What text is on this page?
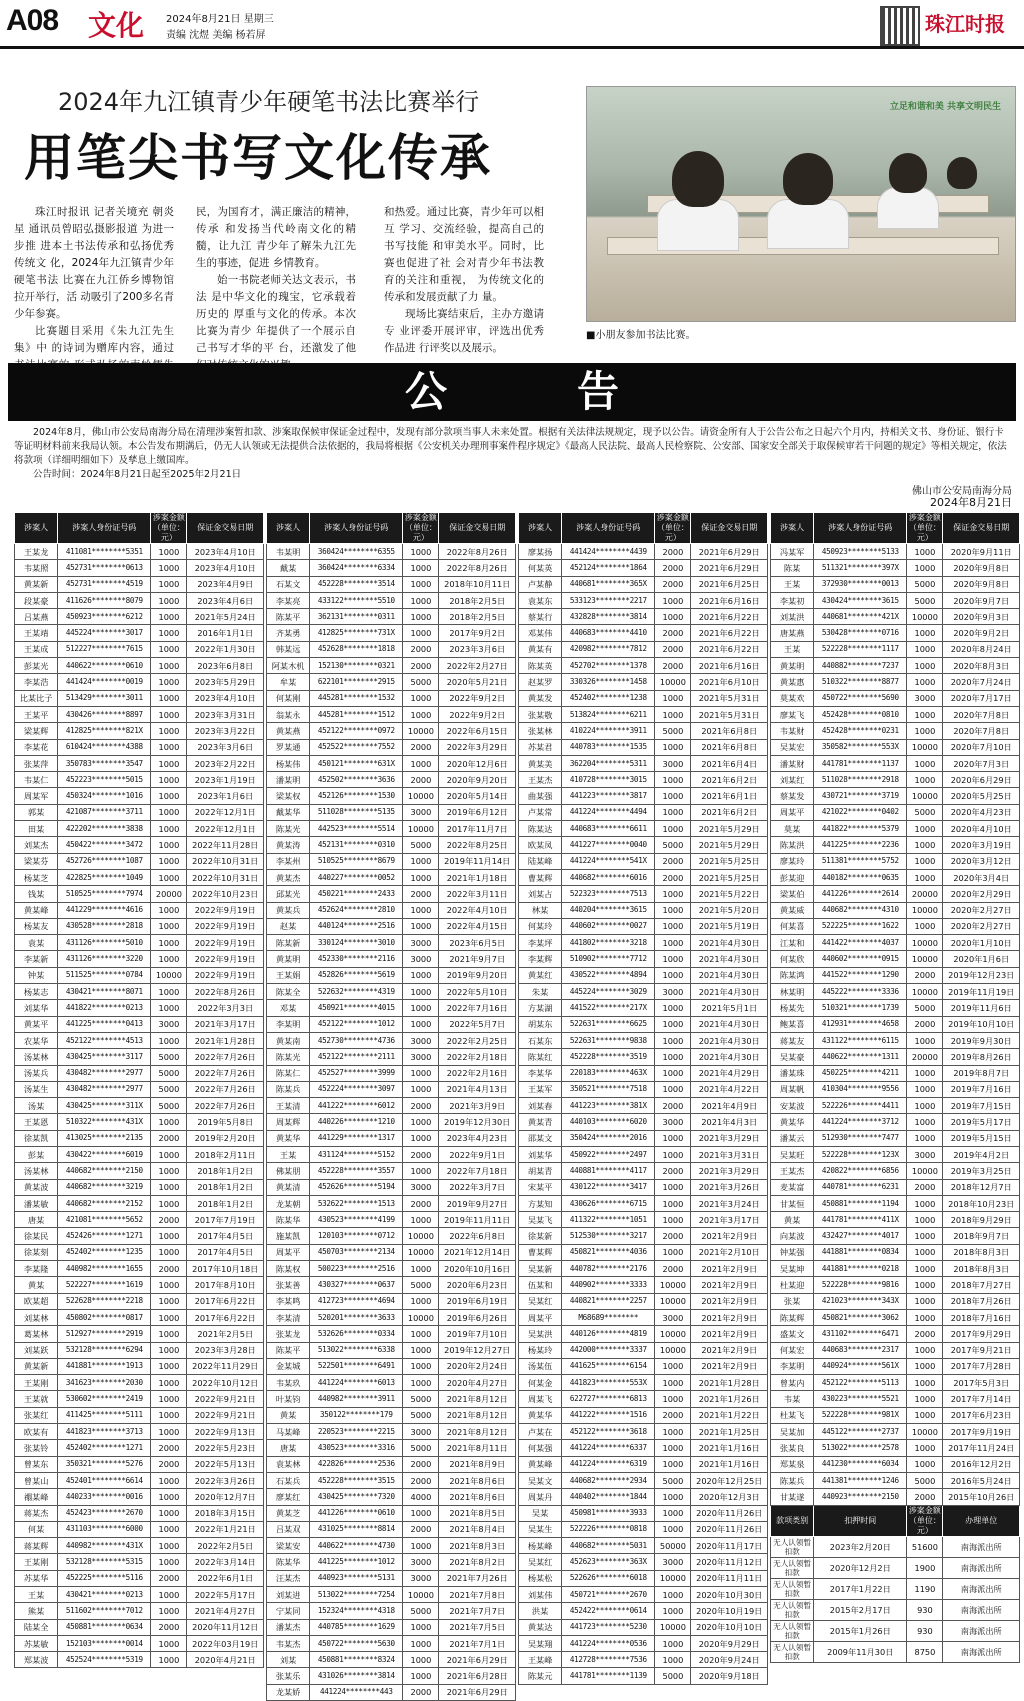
A08 文化 2024年8月21日 星期三
责编 沈煜 美编 杨若屏	珠江时报
2024年九江镇青少年硬笔书法比赛举行
用笔尖书写文化传承

珠江时报讯 记者关境充 朝炎星 通讯员曾昭弘摄影报道 为进一步推 进本土书法传承和弘扬优秀传统文 化，2024年九江镇青少年硬笔书法 比赛在九江侨乡博物馆拉开举行，活 动吸引了200多名青少年参赛。

比赛题目采用《朱九江先生集》中 的诗词为赠库内容，通过

民，为国育才，满正廉洁的精神，传承 和发扬当代岭南文化的精髓，让九江 青少年了解朱九江先生的事迹，促进 乡情教育。

始一书院老师关达文表示，书法 是中华文化的瑰宝，它承载着历史的 厚重与文化的传承。本次比赛为青少 年提供了一个展示自己书写才华的平 台，还激发了他

和热爱。通过比赛，青少年可以相互 学习、交流经验，提高自己的书写技能 和审美水平。同时，比赛也促进了社 会对青少年书法教育的关注和重视， 为传统文化的传承和发展贡献了力 量。

现场比赛结束后，主办方邀请专 业评委开展评审，评选出优秀作品进 行评奖以及展示。

立足和谐和美 共享文明民生
■小朋友参加书法比赛。
公告

2024年8月，佛山市公安局南海分局在清理涉案暂扣款、涉案取保候审保证金过程中，发现有部分款项当事人未来处置。根据有关法律法规规定，现予以公告。请资金所有人于公告公布之日起六个月内，持相关文书、身份证、银行卡等证明材料前来我局认领。本公告发布期满后，仍无人认领或无法提供合法依据的，我局将根据《公安机关办理刑事案件程序规定》《最高人民法院、最高人民检察院、公安部、国家安全部关于取保候审若干问题的规定》等相关规定，依法将款项（详细明细如下）及孳息上缴国库。

公告时间：2024年8月21日起至2025年2月21日

佛山市公安局南海分局
2024年8月21日
涉案人	涉案人身份证号码	涉案金额（单位：元）	保证金交易日期
王某龙	411081********5351	1000	2023年4月10日
韦某照	452731********0613	1000	2023年4月10日
黄某新	452731********4519	1000	2023年4月9日
段某豪	411626********8079	1000	2023年4月6日
吕某燕	450923********6212	1000	2021年5月24日
王某靖	445224********3017	1000	2016年1月1日
王某成	512227********7615	1000	2022年1月30日
彭某光	440622********0610	1000	2023年6月8日
李某浩	441424********0019	1000	2023年5月29日
比某比子	513429********3011	1000	2023年4月10日
王某平	430426********8897	1000	2023年3月31日
梁某辉	412825********821X	1000	2023年3月22日
李某花	610424********4388	1000	2023年3月6日
张某萍	350783********3547	1000	2023年2月22日
韦某仁	452223********5015	1000	2023年1月19日
周某军	450324********1016	1000	2023年1月6日
郭某	421087********3711	1000	2022年12月1日
田某	422202********3838	1000	2022年12月1日
刘某杰	450422********3472	1000	2022年11月28日
梁某芬	452726********1087	1000	2022年10月31日
杨某芝	422825********1049	1000	2022年10月31日
钱某	510525********7974	20000	2022年10月23日
黄某峰	441229********4616	1000	2022年9月19日
杨某友	430528********2818	1000	2022年9月19日
袁某	431126********5010	1000	2022年9月19日
李某新	431126********3220	1000	2022年9月19日
钟某	511525********0784	10000	2022年9月19日
杨某志	430421********8071	1000	2022年8月26日
刘某华	441822********0213	1000	2022年3月3日
黄某平	441225********0413	3000	2021年3月17日
农某华	452122********4513	1000	2021年1月28日
汤某林	430425********3117	5000	2022年7月26日
汤某兵	430482********2977	5000	2022年7月26日
汤某生	430482********2977	5000	2022年7月26日
汤某	430425********311X	5000	2022年7月26日
王某恩	510322********431X	1000	2019年5月8日
徐某凯	413025********2135	2000	2019年2月20日
彭某	430422********6019	1000	2018年2月11日
汤某林	440682********2150	1000	2018年1月2日
黄某波	440682********3219	1000	2018年1月2日
潘某敏	440682********2152	1000	2018年1月2日
唐某	421081********5652	2000	2017年7月19日
徐某民	452426********1271	1000	2017年4月5日
徐某刻	452402********1235	1000	2017年4月5日
李某隆	440982********1655	2000	2017年10月18日
黄某	522227********1619	1000	2017年8月10日
欧某超	522628********2218	1000	2017年6月22日
刘某林	450802********0817	1000	2017年6月22日
葛某林	512927********2919	1000	2021年2月5日
刘某跃	532128********6294	1000	2023年3月28日
黄某新	441881********1913	1000	2022年11月29日
王某刚	341623********2030	1000	2022年10月12日
王某就	530602********2419	1000	2022年9月21日
张某红	411425********5111	1000	2022年9月21日
欧某有	441823********3713	1000	2022年9月13日
张某铃	452402********1271	2000	2022年5月23日
曾某东	350321********5276	2000	2022年5月13日
曾某山	452401********6614	1000	2022年3月26日
禤某峰	440233********0016	1000	2020年12月7日
蒋某杰	452423********2670	1000	2018年3月15日
何某	431103********6000	1000	2022年1月21日
蒋某辉	440982********431X	1000	2022年2月5日
王某刚	532128********5315	1000	2022年3月14日
苏某华	452225********5116	2000	2022年6月1日
王某	430421********0213	1000	2022年5月17日
熊某	511602********7012	1000	2021年4月27日
陆某全	450881********0634	2000	2020年11月12日
苏某敏	152103********0014	1000	2022年03月19日
郑某波	452524********5319	1000	2020年4月21日
涉案人	涉案人身份证号码	涉案金额（单位：元）	保证金交易日期
韦某明	360424********6355	1000	2022年8月26日
戴某	360424********6334	1000	2022年8月26日
石某文	452228********3514	1000	2018年10月11日
李某亮	433122********5510	1000	2018年2月5日
陈某平	362131********0311	1000	2018年2月5日
齐某勇	412825********731X	1000	2017年9月2日
韩某远	452628********1818	2000	2023年3月6日
阿某木机	152130********0321	2000	2022年2月27日
牟某	622101********2915	5000	2020年5月21日
何某刚	445281********1532	1000	2022年9月2日
翁某永	445281********1512	1000	2022年9月2日
黄某燕	452122********0972	10000	2022年6月15日
罗某通	452522********7552	2000	2022年3月29日
杨某伟	450121********631X	1000	2020年12月6日
潘某明	452502********3636	2000	2020年9月20日
梁某权	452126********1530	10000	2020年5月14日
戴某华	511028********5135	3000	2019年6月12日
陈某光	442523********5514	10000	2017年11月7日
黄某涛	452131********0310	5000	2022年8月25日
李某州	510525********8679	1000	2019年11月14日
黄某杰	440227********0052	1000	2021年1月18日
邱某光	450221********2433	2000	2022年3月11日
黄某兵	452624********2810	1000	2022年4月10日
赵某	440124********2516	1000	2022年4月15日
陈某新	330124********3010	3000	2023年6月5日
黄某明	452330********2116	3000	2021年9月7日
王某娟	452826********5619	1000	2019年9月20日
陈某全	522632********4319	1000	2022年5月10日
邓某	450921********4015	1000	2022年7月16日
李某明	452122********1012	1000	2022年5月7日
黄某南	452730********4736	3000	2022年2月25日
陈某光	452122********2111	3000	2022年2月18日
陈某仁	452527********3999	1000	2022年2月16日
陈某兵	452224********3097	1000	2021年4月13日
王某清	441222********6012	2000	2021年3月9日
周某辉	440226********1210	1000	2019年12月30日
黄某华	441229********1317	1000	2023年4月23日
王某	431124********5152	2000	2022年9月1日
佛某朋	452228********3557	1000	2022年7月18日
黄某清	452626********5194	3000	2022年3月7日
龙某朝	532622********1513	2000	2019年9月27日
陈某华	430523********4199	1000	2019年11月11日
施某凯	120103********0712	10000	2022年6月8日
周某平	450703********2134	10000	2021年12月14日
陈某权	500223********2516	1000	2020年10月16日
张某善	430327********0637	5000	2020年6月23日
李某鸣	412723********4694	1000	2019年6月19日
李某清	520201********3633	10000	2019年6月26日
张某龙	532626********0334	1000	2019年7月10日
陈某平	513022********6338	1000	2019年12月27日
金某城	522501********6491	1000	2020年2月24日
韦某玖	441224********6013	1000	2020年4月27日
叶某钧	440982********3911	5000	2021年8月12日
黄某	350122********179	5000	2021年8月12日
马某峰	220523********2215	3000	2021年8月12日
唐某	430523********3316	5000	2021年8月11日
袁某林	422826********2536	2000	2021年8月9日
石某兵	452228********3515	2000	2021年8月6日
廖某红	430425********7320	4000	2021年8月6日
黄某芝	441226********0610	1000	2021年8月5日
吕某双	431025********8814	2000	2021年8月4日
梁某安	440622********4730	1000	2021年8月3日
陈某华	441225********1012	3000	2021年8月2日
汪某杰	440923********5131	3000	2021年7月26日
刘某进	513022********7254	10000	2021年7月8日
宁某同	152324********4318	5000	2021年7月7日
潘某杰	440785********1629	1000	2021年7月5日
韦某杰	450722********5630	1000	2021年7月1日
刘某	450881********8324	1000	2021年6月29日
张某乐	431026********3814	1000	2021年6月28日
龙某娇	441224********443	2000	2021年6月29日
涉案人	涉案人身份证号码	涉案金额（单位：元）	保证金交易日期
廖某扬	441424********4439	2000	2021年6月29日
何某英	452124********1864	2000	2021年6月29日
卢某静	440681********365X	2000	2021年6月25日
袁某东	533123********2217	1000	2021年6月16日
蔡某行	432828********3814	1000	2021年6月22日
邓某伟	440683********4410	2000	2021年6月22日
黄某有	420982********7812	2000	2021年6月22日
陈某英	452702********1378	2000	2021年6月16日
赵某罗	330326********1458	10000	2021年6月10日
黄某发	452402********1238	1000	2021年5月31日
张某敬	513824********6211	1000	2021年5月31日
张某林	410224********3911	5000	2021年6月8日
苏某君	440783********1535	1000	2021年6月8日
黄某美	362204********5311	3000	2021年6月4日
王某杰	410728********3015	1000	2021年6月2日
曲某强	441223********3817	1000	2021年6月1日
卢某常	441224********4494	1000	2021年6月2日
陈某达	440683********6611	1000	2021年5月29日
欧某凤	441227********0040	5000	2021年5月29日
陆某峰	441224********541X	2000	2021年5月25日
曹某辉	440682********6016	2000	2021年5月25日
刘某占	522323********7513	1000	2021年5月22日
林某	440204********3615	1000	2021年5月20日
何某玲	440602********0027	1000	2021年5月19日
李某坪	441802********3218	1000	2021年4月30日
李某辉	510902********7712	1000	2021年4月30日
黄某红	430522********4894	1000	2021年4月30日
朱某	445224********3029	3000	2021年4月30日
方某湖	441522********217X	1000	2021年5月1日
胡某东	522631********6625	1000	2021年4月30日
石某东	522631********9838	1000	2021年4月30日
陈某红	452228********3519	1000	2021年4月30日
李某华	220183********463X	1000	2021年4月29日
王某军	350521********7518	1000	2021年4月22日
刘某春	441223********381X	2000	2021年4月9日
黄某青	440103********6020	3000	2021年4月3日
邵某文	350424********2016	1000	2021年3月29日
刘某华	450922********2497	1000	2021年3月31日
胡某青	440881********4117	2000	2021年3月29日
宋某平	430122********3417	1000	2021年3月26日
方某知	430626********6715	1000	2021年3月24日
吴某飞	411322********1051	1000	2021年3月17日
徐某新	512530********3217	2000	2021年2月9日
曹某辉	450821********4036	1000	2021年2月10日
吴某新	440782********2176	2000	2021年2月9日
伍某和	440902********3333	10000	2021年2月9日
吴某红	440821********2257	10000	2021年2月9日
周某平	M68689********	3000	2021年2月9日
吴某洪	440126********4819	10000	2021年2月9日
杨某玲	442000********3337	10000	2021年2月9日
汤某伍	441625********6154	1000	2021年2月9日
何某金	441823********553X	1000	2021年1月28日
周某飞	622727********6813	1000	2021年1月26日
黄某华	441222********1516	2000	2021年1月22日
卢某在	452122********3618	1000	2021年1月25日
何某强	441224********6337	1000	2021年1月16日
黄某峰	441224********6319	1000	2021年1月16日
吴某文	440682********2934	5000	2020年12月25日
周某丹	440402********1844	1000	2020年12月3日
吴某	450981********3933	1000	2020年11月26日
吴某生	522226********0818	1000	2020年11月26日
杨某峰	440682********5031	50000	2020年11月17日
吴某红	452623********363X	3000	2020年11月12日
杨某松	522626********6018	10000	2020年11月11日
刘某伟	450721********2670	1000	2020年10月30日
洪某	452422********0614	1000	2020年10月19日
黄某达	441723********5230	10000	2020年10月10日
吴某翔	441224********0536	1000	2020年9月29日
王某峰	412728********7536	1000	2020年9月24日
陈某元	441781********1139	5000	2020年9月18日
涉案人	涉案人身份证号码	涉案金额（单位：元）	保证金交易日期
冯某军	450923********5133	1000	2020年9月11日
陈某	511321********397X	1000	2020年9月8日
王某	372930********0013	5000	2020年9月8日
李某初	430424********3615	5000	2020年9月7日
刘某洪	440681********421X	10000	2020年9月3日
唐某燕	530428********0716	1000	2020年9月2日
王某	522228********1117	1000	2020年8月24日
黄某明	440882********7237	1000	2020年8月3日
黄某惠	510322********8877	1000	2020年7月24日
莫某欢	450722********5690	3000	2020年7月17日
廖某飞	452428********0810	1000	2020年7月8日
韦某财	452428********0231	1000	2020年7月8日
吴某宏	350582********553X	10000	2020年7月10日
潘某财	441781********1137	1000	2020年7月3日
刘某红	511028********2918	1000	2020年6月29日
蔡某发	430721********3719	10000	2020年5月25日
周某平	421022********0402	5000	2020年4月23日
莫某	441822********5379	1000	2020年4月10日
陈某洪	441225********2236	1000	2020年3月19日
廖某玲	511381********5752	1000	2020年3月12日
彭某迎	440182********0635	1000	2020年3月4日
梁某伯	441226********2614	20000	2020年2月29日
黄某威	440682********4310	10000	2020年2月27日
何某喜	522225********1622	1000	2020年2月27日
江某和	441422********4037	10000	2020年1月10日
何某欣	440602********0915	10000	2020年1月6日
陈某鸿	441522********1290	2000	2019年12月23日
林某明	445222********3336	10000	2019年11月19日
杨某先	510321********1739	5000	2019年11月6日
鲍某喜	412931********4658	2000	2019年10月10日
蒋某友	431122********6115	1000	2019年9月30日
吴某豪	440622********1311	20000	2019年8月26日
潘某珠	450225********4211	1000	2019年8月7日
周某帆	410304********9556	1000	2019年7月16日
安某波	522226********4411	1000	2019年7月15日
黄某华	441224********3712	1000	2019年5月17日
潘某云	512930********7477	1000	2019年5月15日
吴某旺	522228********123X	3000	2019年4月2日
王某杰	420822********6856	10000	2019年3月25日
麦某富	440781********6231	2000	2018年12月7日
甘某恒	450881********1194	1000	2018年10月23日
黄某	441781********411X	1000	2018年9月29日
向某波	432427********4017	1000	2018年9月7日
钟某强	441881********0834	1000	2018年8月3日
吴某坤	441881********0218	1000	2018年8月3日
杜某迎	522228********9816	1000	2018年7月27日
张某	421023********343X	1000	2018年7月26日
陈某辉	450821********3062	1000	2018年7月16日
盛某文	431102********6471	2000	2017年9月29日
何某宏	440683********2317	1000	2017年9月21日
李某明	440924********561X	1000	2017年7月28日
曾某内	452122********5113	1000	2017年5月3日
韦某	430223********5521	1000	2017年7月14日
杜某飞	522228********981X	1000	2017年6月23日
吴某加	445122********2737	10000	2017年9月19日
张某良	513022********2578	1000	2017年11月24日
郑某泉	441230********6034	1000	2016年12月2日
陈某兵	441381********1246	5000	2016年5月24日
甘某遂	440923********2150	2000	2015年10月26日
款项类别	扣押时间	涉案金额（单位：元）	办理单位
无人认领暂扣款	2023年2月20日	51600	南海派出所
无人认领暂扣款	2020年12月2日	1900	南海派出所
无人认领暂扣款	2017年1月22日	1190	南海派出所
无人认领暂扣款	2015年2月17日	930	南海派出所
无人认领暂扣款	2015年1月26日	930	南海派出所
无人认领暂扣款	2009年11月30日	8750	南海派出所
